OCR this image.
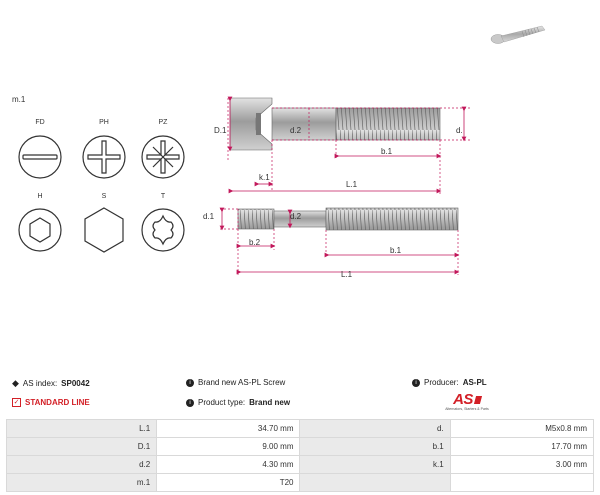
m.1
FD	PH	PZ
H	S	T
D.1	d.2	d.
b.1
k.1
L.1
d.1	d.2
b.2
b.1
L.1
◆ AS index: SP0042	i Brand new AS-PL Screw	i Producer: AS-PL
✓ STANDARD LINE	i Product type: Brand new	AS
Alternators, Starters & Parts
L.1	34.70 mm	d.	M5x0.8 mm
D.1	9.00 mm	b.1	17.70 mm
d.2	4.30 mm	k.1	3.00 mm
m.1	T20		
